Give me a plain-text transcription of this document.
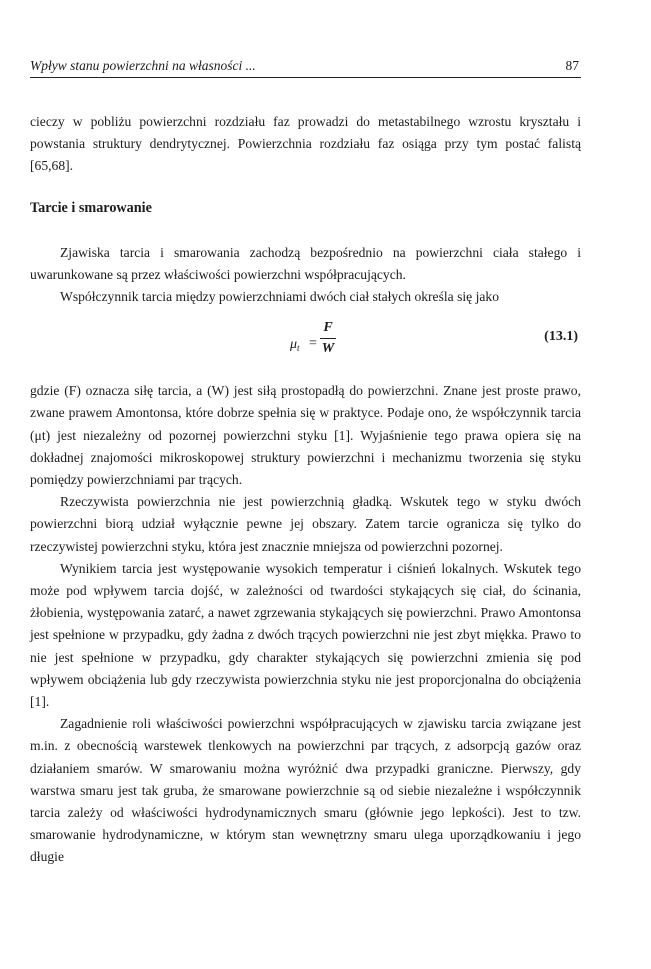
Wpływ stanu powierzchni na własności ...	87

cieczy w pobliżu powierzchni rozdziału faz prowadzi do metastabilnego wzrostu kryształu i powstania struktury dendrytycznej. Powierzchnia rozdziału faz osiąga przy tym postać falistą [65,68].

Tarcie i smarowanie

Zjawiska tarcia i smarowania zachodzą bezpośrednio na powierzchni ciała stałego i uwarunkowane są przez właściwości powierzchni współpracujących.

Współczynnik tarcia między powierzchniami dwóch ciał stałych określa się jako

$\mu_t$ =
F
W
(13.1)

gdzie (F) oznacza siłę tarcia, a (W) jest siłą prostopadłą do powierzchni. Znane jest proste prawo, zwane prawem Amontonsa, które dobrze spełnia się w praktyce. Podaje ono, że współczynnik tarcia (μt) jest niezależny od pozornej powierzchni styku [1]. Wyjaśnienie tego prawa opiera się na dokładnej znajomości mikroskopowej struktury powierzchni i mechanizmu tworzenia się styku pomiędzy powierzchniami par trących.

Rzeczywista powierzchnia nie jest powierzchnią gładką. Wskutek tego w styku dwóch powierzchni biorą udział wyłącznie pewne jej obszary. Zatem tarcie ogranicza się tylko do rzeczywistej powierzchni styku, która jest znacznie mniejsza od powierzchni pozornej.

Wynikiem tarcia jest występowanie wysokich temperatur i ciśnień lokalnych. Wskutek tego może pod wpływem tarcia dojść, w zależności od twardości stykających się ciał, do ścinania, żłobienia, występowania zatarć, a nawet zgrzewania stykających się powierzchni. Prawo Amontonsa jest spełnione w przypadku, gdy żadna z dwóch trących powierzchni nie jest zbyt miękka. Prawo to nie jest spełnione w przypadku, gdy charakter stykających się powierzchni zmienia się pod wpływem obciążenia lub gdy rzeczywista powierzchnia styku nie jest proporcjonalna do obciążenia [1].

Zagadnienie roli właściwości powierzchni współpracujących w zjawisku tarcia związane jest m.in. z obecnością warstewek tlenkowych na powierzchni par trących, z adsorpcją gazów oraz działaniem smarów. W smarowaniu można wyróżnić dwa przypadki graniczne. Pierwszy, gdy warstwa smaru jest tak gruba, że smarowane powierzchnie są od siebie niezależne i współczynnik tarcia zależy od właściwości hydrodynamicznych smaru (głównie jego lepkości). Jest to tzw. smarowanie hydrodynamiczne, w którym stan wewnętrzny smaru ulega uporządkowaniu i jego długie
